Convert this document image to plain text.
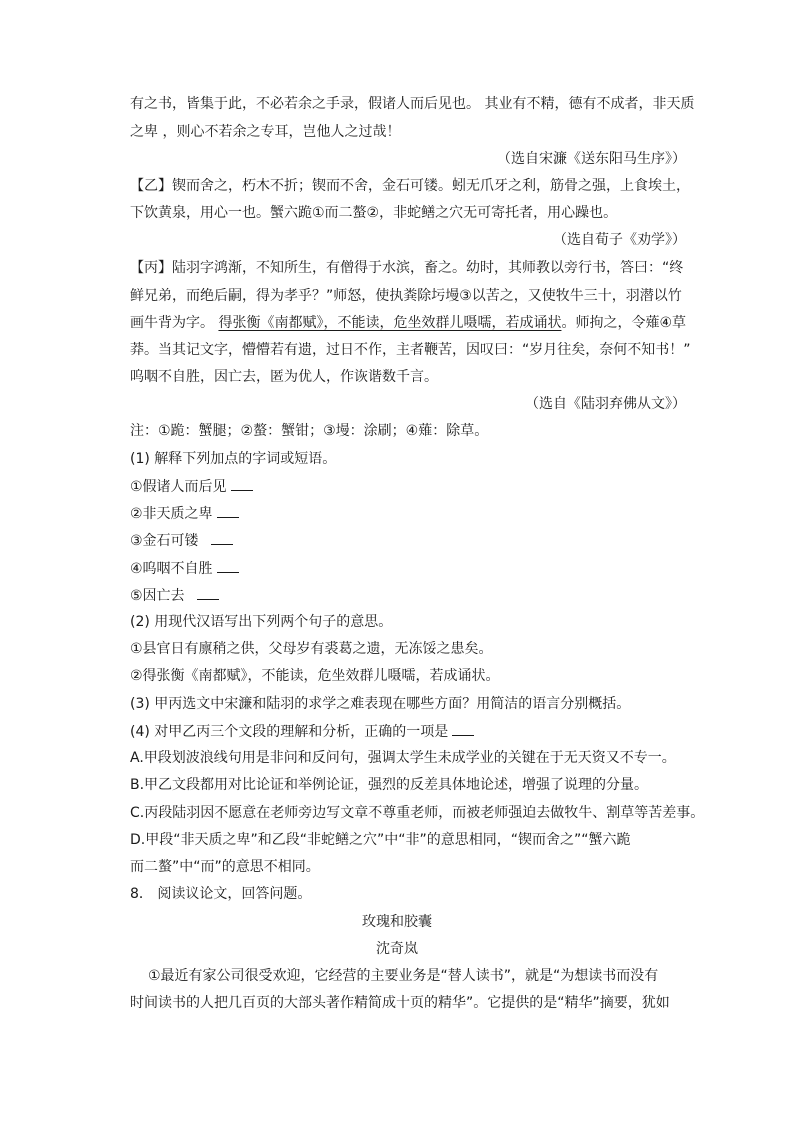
有之书，皆集于此，不必若余之手录，假诸人而后见也。 其业有不精，德有不成者，非天质
之卑 ，则心不若余之专耳，岂他人之过哉！
（选自宋濂《送东阳马生序》）
【乙】锲而舍之，朽木不折；锲而不舍，金石可镂。蚓无爪牙之利，筋骨之强，上食埃土，
下饮黄泉，用心一也。蟹六跪①而二螯②，非蛇鳝之穴无可寄托者，用心躁也。
（选自荀子《劝学》）
【丙】陆羽字鸿渐，不知所生，有僧得于水滨，畜之。幼时，其师教以旁行书，答曰：“终
鲜兄弟，而绝后嗣，得为孝乎？”师怒，使执粪除圬墁③以苦之，又使牧牛三十，羽潜以竹
画牛背为字。 得张衡《南都赋》，不能读，危坐效群儿嗫嚅，若成诵状。师拘之，令薙④草
莽。当其记文字，懵懵若有遗，过日不作，主者鞭苦，因叹曰：“岁月往矣，奈何不知书！”
呜咽不自胜，因亡去，匿为优人，作诙谐数千言。
（选自《陆羽弃佛从文》）
注：①跪：蟹腿；②螯：蟹钳；③墁：涂刷；④薙：除草。
(1) 解释下列加点的字词或短语。
①假诸人而后见
②非天质之卑
③金石可镂
④呜咽不自胜
⑤因亡去
(2) 用现代汉语写出下列两个句子的意思。
①县官日有廪稍之供，父母岁有裘葛之遗，无冻馁之患矣。
②得张衡《南都赋》，不能读，危坐效群儿嗫嚅，若成诵状。
(3) 甲丙选文中宋濂和陆羽的求学之难表现在哪些方面？用简洁的语言分别概括。
(4) 对甲乙丙三个文段的理解和分析，正确的一项是
A.甲段划波浪线句用是非问和反问句，强调太学生未成学业的关键在于无天资又不专一。
B.甲乙文段都用对比论证和举例论证，强烈的反差具体地论述，增强了说理的分量。
C.丙段陆羽因不愿意在老师旁边写文章不尊重老师，而被老师强迫去做牧牛、割草等苦差事。
D.甲段“非天质之卑”和乙段“非蛇鳝之穴”中“非”的意思相同，“锲而舍之”“蟹六跪
而二螯”中“而”的意思不相同。
8． 阅读议论文，回答问题。
玫瑰和胶囊
沈奇岚
①最近有家公司很受欢迎，它经营的主要业务是“替人读书”，就是“为想读书而没有
时间读书的人把几百页的大部头著作精简成十页的精华”。它提供的是“精华”摘要，犹如
